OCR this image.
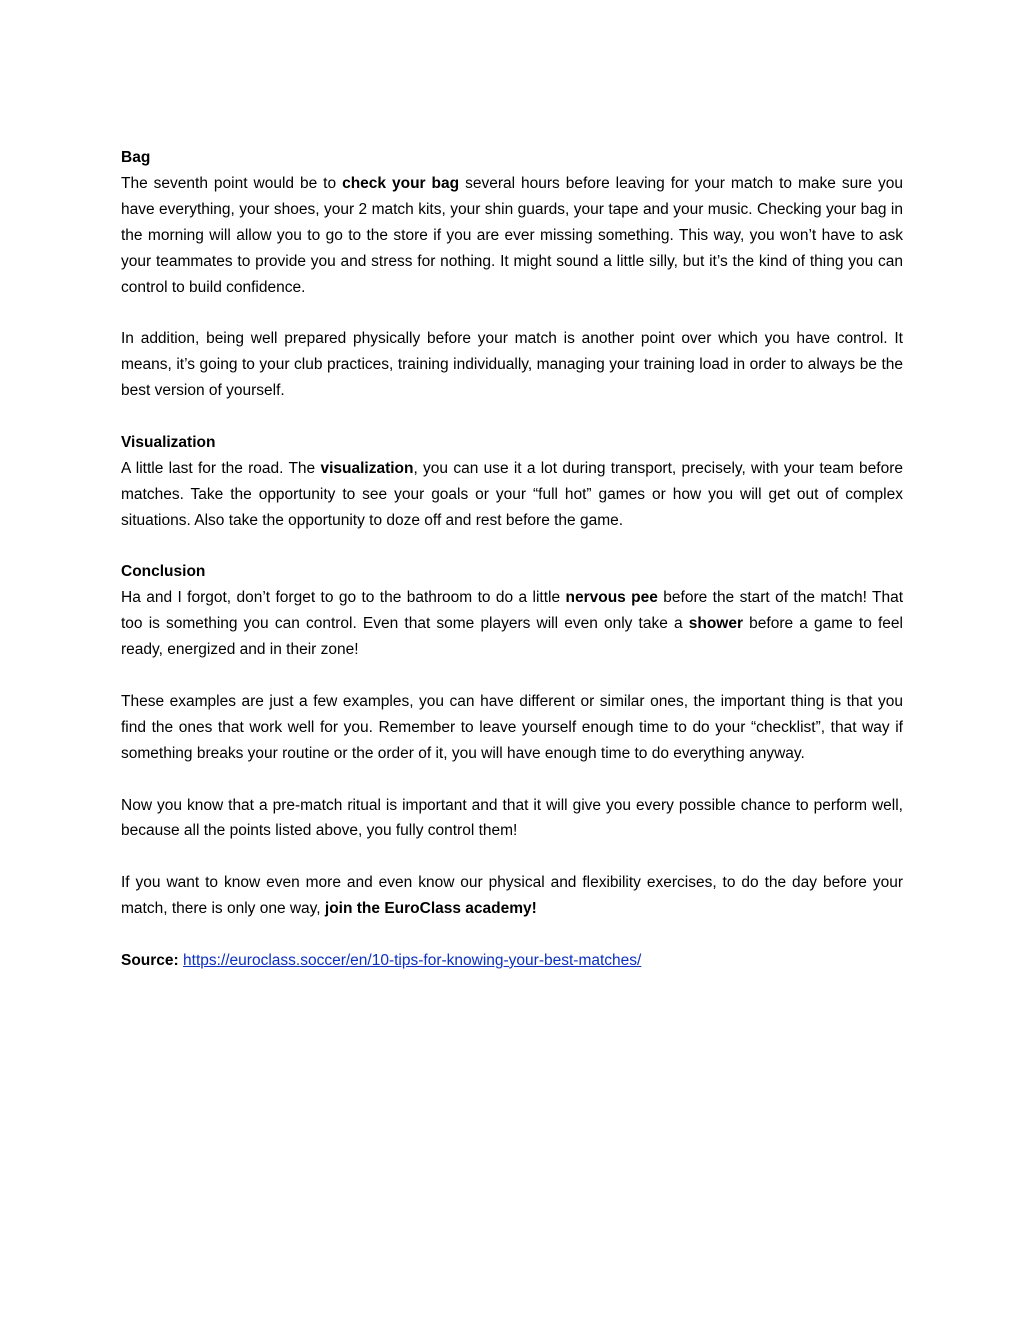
Bag
The seventh point would be to check your bag several hours before leaving for your match to make sure you have everything, your shoes, your 2 match kits, your shin guards, your tape and your music. Checking your bag in the morning will allow you to go to the store if you are ever missing something. This way, you won’t have to ask your teammates to provide you and stress for nothing. It might sound a little silly, but it’s the kind of thing you can control to build confidence.
In addition, being well prepared physically before your match is another point over which you have control. It means, it’s going to your club practices, training individually, managing your training load in order to always be the best version of yourself.
Visualization
A little last for the road. The visualization, you can use it a lot during transport, precisely, with your team before matches. Take the opportunity to see your goals or your “full hot” games or how you will get out of complex situations. Also take the opportunity to doze off and rest before the game.
Conclusion
Ha and I forgot, don’t forget to go to the bathroom to do a little nervous pee before the start of the match! That too is something you can control. Even that some players will even only take a shower before a game to feel ready, energized and in their zone!
These examples are just a few examples, you can have different or similar ones, the important thing is that you find the ones that work well for you. Remember to leave yourself enough time to do your “checklist”, that way if something breaks your routine or the order of it, you will have enough time to do everything anyway.
Now you know that a pre-match ritual is important and that it will give you every possible chance to perform well, because all the points listed above, you fully control them!
If you want to know even more and even know our physical and flexibility exercises, to do the day before your match, there is only one way, join the EuroClass academy!
Source: https://euroclass.soccer/en/10-tips-for-knowing-your-best-matches/
